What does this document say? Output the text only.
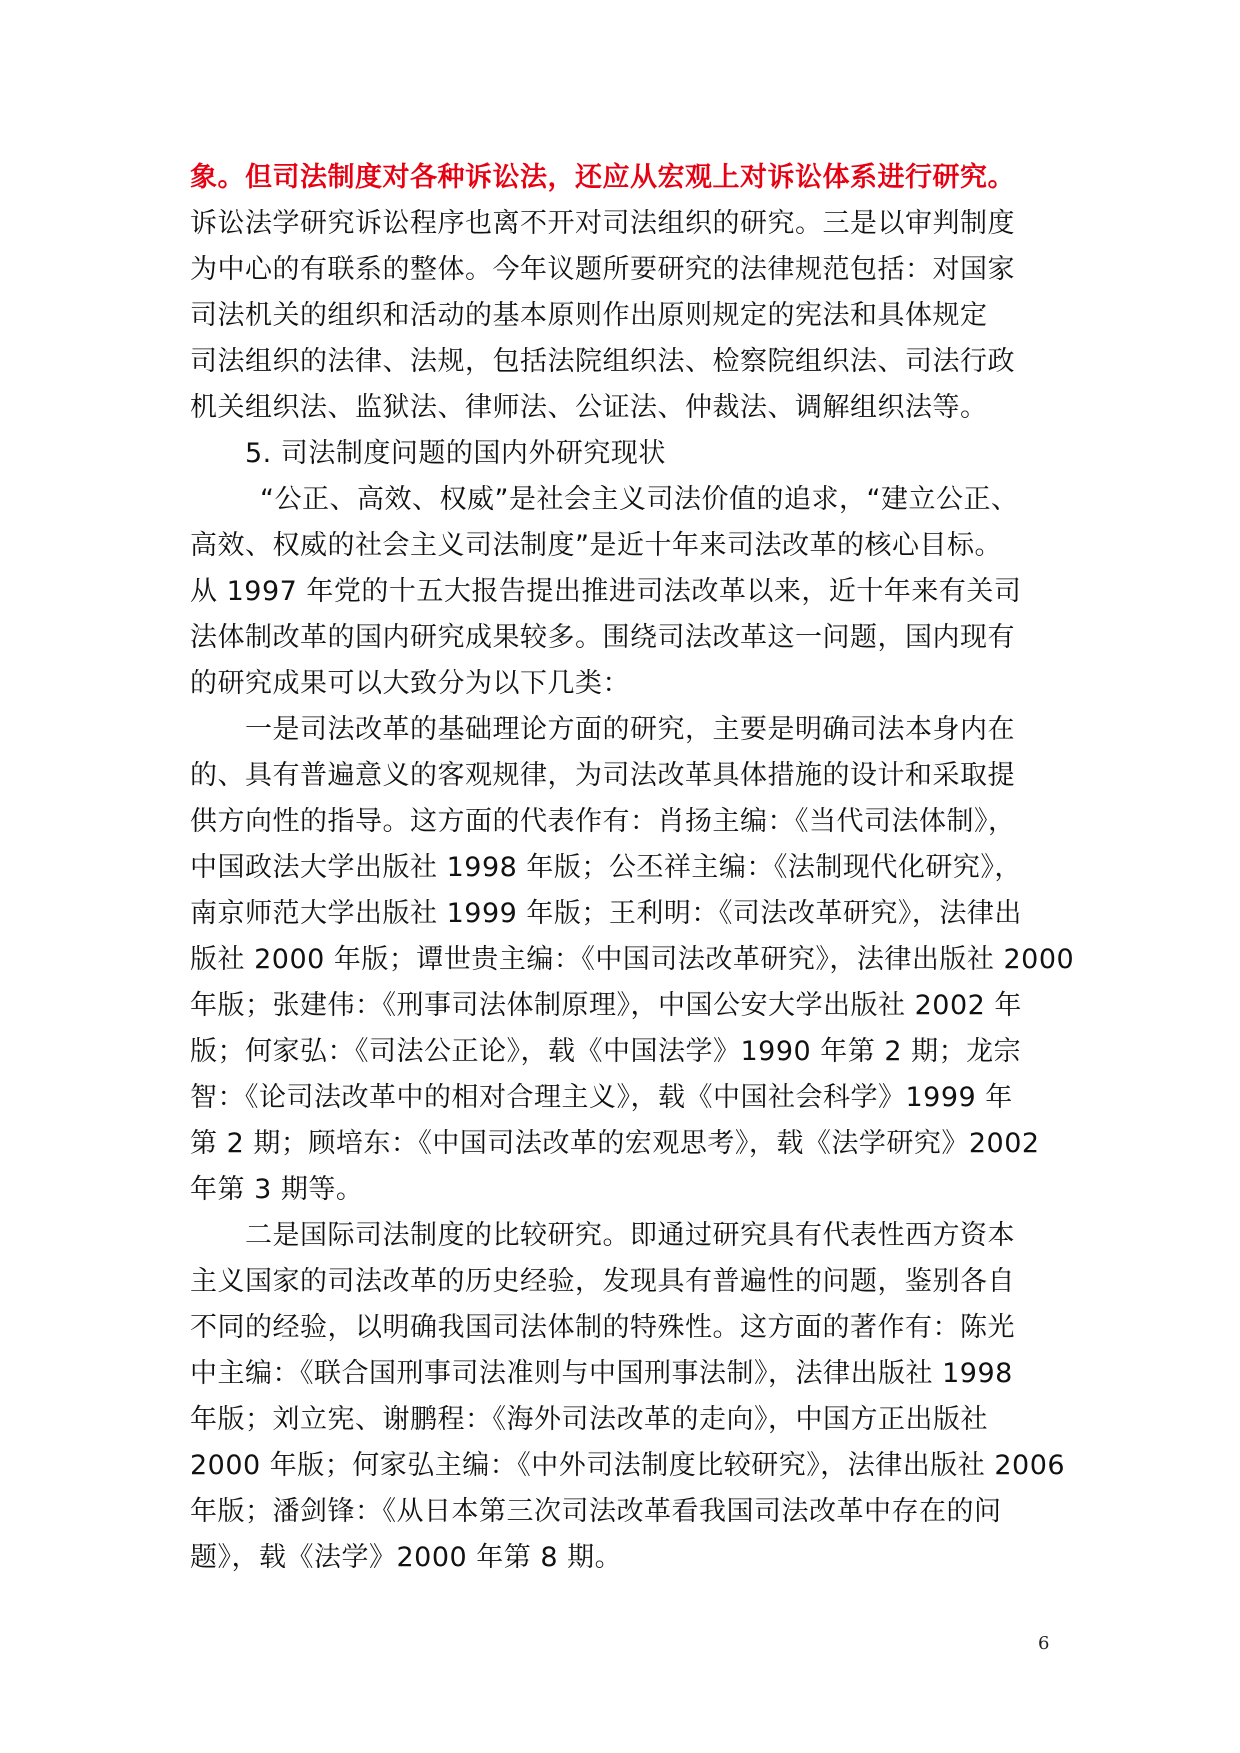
象。但司法制度对各种诉讼法，还应从宏观上对诉讼体系进行研究。
诉讼法学研究诉讼程序也离不开对司法组织的研究。三是以审判制度
为中心的有联系的整体。今年议题所要研究的法律规范包括：对国家
司法机关的组织和活动的基本原则作出原则规定的宪法和具体规定
司法组织的法律、法规，包括法院组织法、检察院组织法、司法行政
机关组织法、监狱法、律师法、公证法、仲裁法、调解组织法等。
5. 司法制度问题的国内外研究现状
“公正、高效、权威”是社会主义司法价值的追求，“建立公正、
高效、权威的社会主义司法制度”是近十年来司法改革的核心目标。
从 1997 年党的十五大报告提出推进司法改革以来，近十年来有关司
法体制改革的国内研究成果较多。围绕司法改革这一问题，国内现有
的研究成果可以大致分为以下几类：
一是司法改革的基础理论方面的研究，主要是明确司法本身内在
的、具有普遍意义的客观规律，为司法改革具体措施的设计和采取提
供方向性的指导。这方面的代表作有：肖扬主编：《当代司法体制》，
中国政法大学出版社 1998 年版；公丕祥主编：《法制现代化研究》，
南京师范大学出版社 1999 年版；王利明：《司法改革研究》，法律出
版社 2000 年版；谭世贵主编：《中国司法改革研究》，法律出版社 2000
年版；张建伟：《刑事司法体制原理》，中国公安大学出版社 2002 年
版；何家弘：《司法公正论》，载《中国法学》1990 年第 2 期；龙宗
智：《论司法改革中的相对合理主义》，载《中国社会科学》1999 年
第 2 期；顾培东：《中国司法改革的宏观思考》，载《法学研究》2002
年第 3 期等。
二是国际司法制度的比较研究。即通过研究具有代表性西方资本
主义国家的司法改革的历史经验，发现具有普遍性的问题，鉴别各自
不同的经验，以明确我国司法体制的特殊性。这方面的著作有：陈光
中主编：《联合国刑事司法准则与中国刑事法制》，法律出版社 1998
年版；刘立宪、谢鹏程：《海外司法改革的走向》，中国方正出版社
2000 年版；何家弘主编：《中外司法制度比较研究》，法律出版社 2006
年版；潘剑锋：《从日本第三次司法改革看我国司法改革中存在的问
题》，载《法学》2000 年第 8 期。
6
